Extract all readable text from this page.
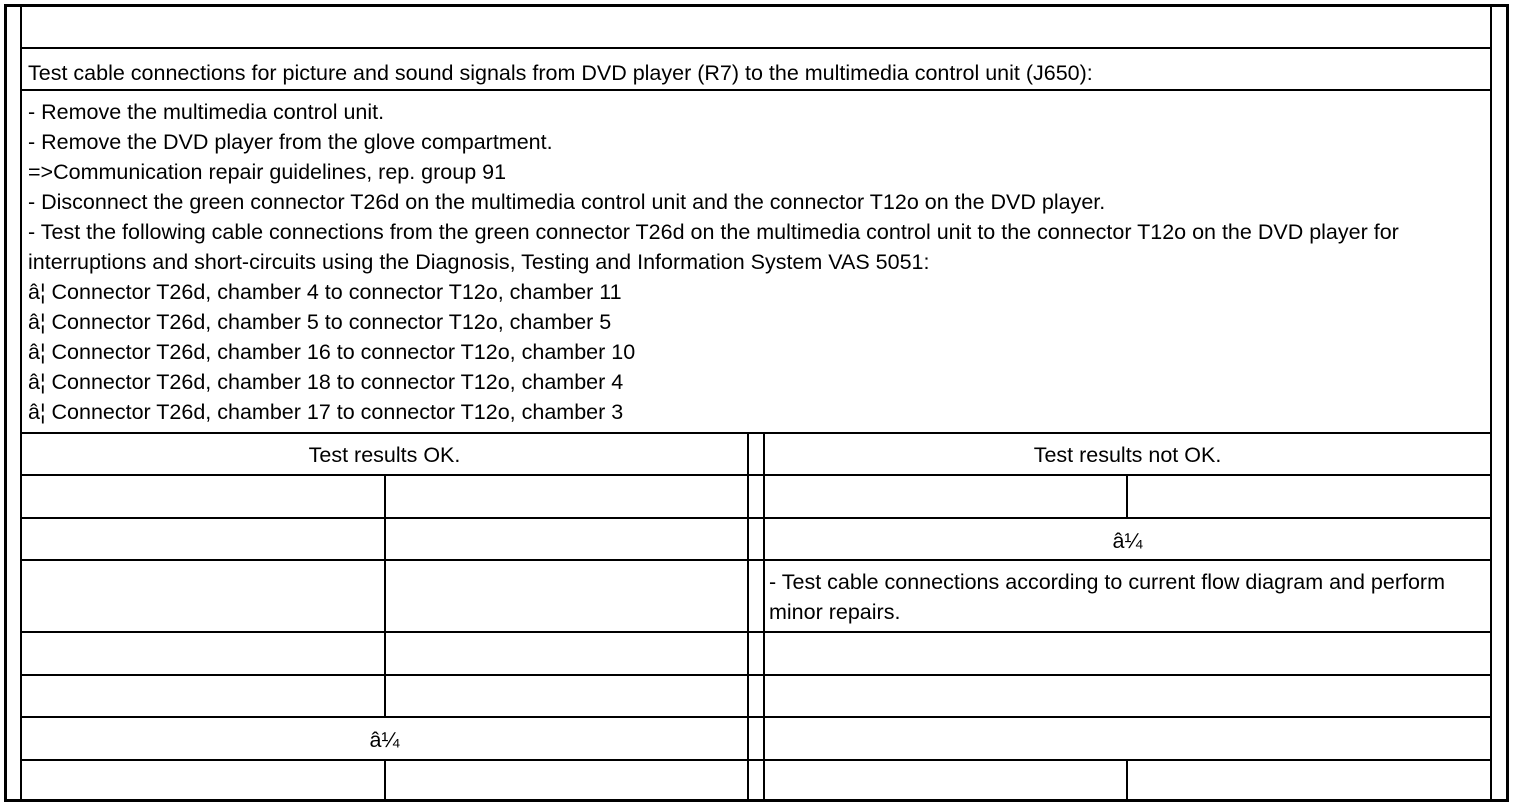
Test cable connections for picture and sound signals from DVD player (R7) to the multimedia control unit (J650):
- Remove the multimedia control unit.
- Remove the DVD player from the glove compartment.
=>Communication repair guidelines, rep. group 91
- Disconnect the green connector T26d on the multimedia control unit and the connector T12o on the DVD player.
- Test the following cable connections from the green connector T26d on the multimedia control unit to the connector T12o on the DVD player for interruptions and short-circuits using the Diagnosis, Testing and Information System VAS 5051:
â¦ Connector T26d, chamber 4 to connector T12o, chamber 11
â¦ Connector T26d, chamber 5 to connector T12o, chamber 5
â¦ Connector T26d, chamber 16 to connector T12o, chamber 10
â¦ Connector T26d, chamber 18 to connector T12o, chamber 4
â¦ Connector T26d, chamber 17 to connector T12o, chamber 3
Test results OK.	Test results not OK.
â¼
â¼
- Test cable connections according to current flow diagram and perform minor repairs.
